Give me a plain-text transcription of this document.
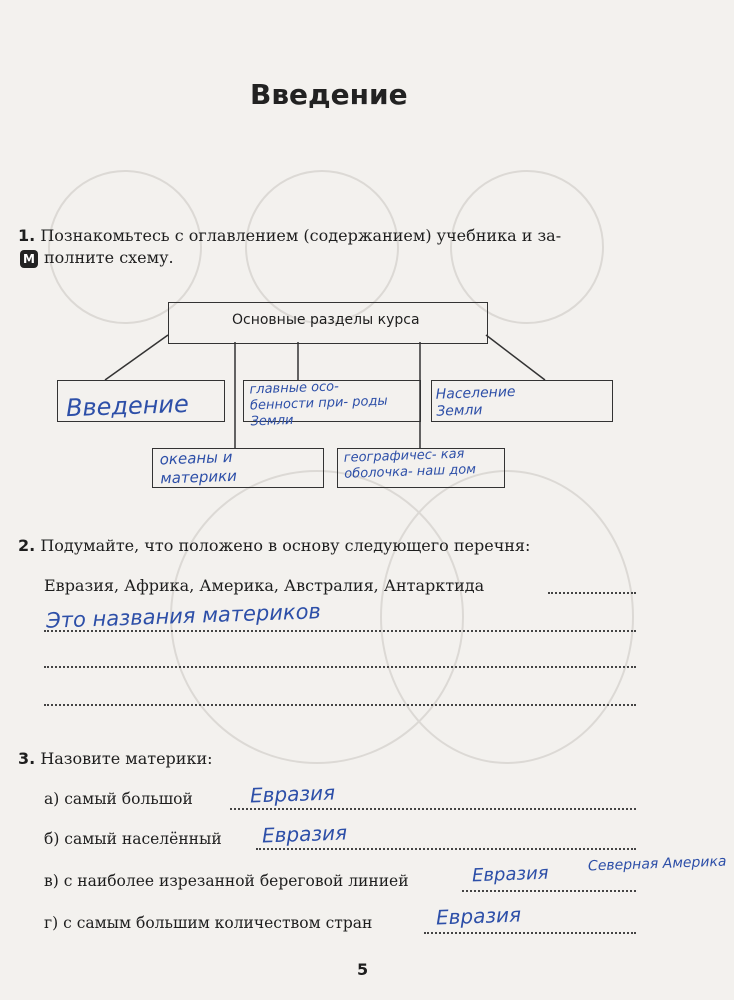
Введение
1. Познакомьтесь с оглавлением (содержанием) учебника и за-
М полните схему.
Основные разделы курса
Введение
главные осо- бенности при- роды Земли
Население Земли
океаны и материки
географичес- кая оболочка- наш дом
2. Подумайте, что положено в основу следующего перечня:
Евразия, Африка, Америка, Австралия, Антарктида
Это названия материков
3. Назовите материки:
а) самый большой	Евразия
б) самый населённый Евразия
в) с наиболее изрезанной береговой линией	Евразия	Северная Америка
г) с самым большим количеством стран	Евразия
5
